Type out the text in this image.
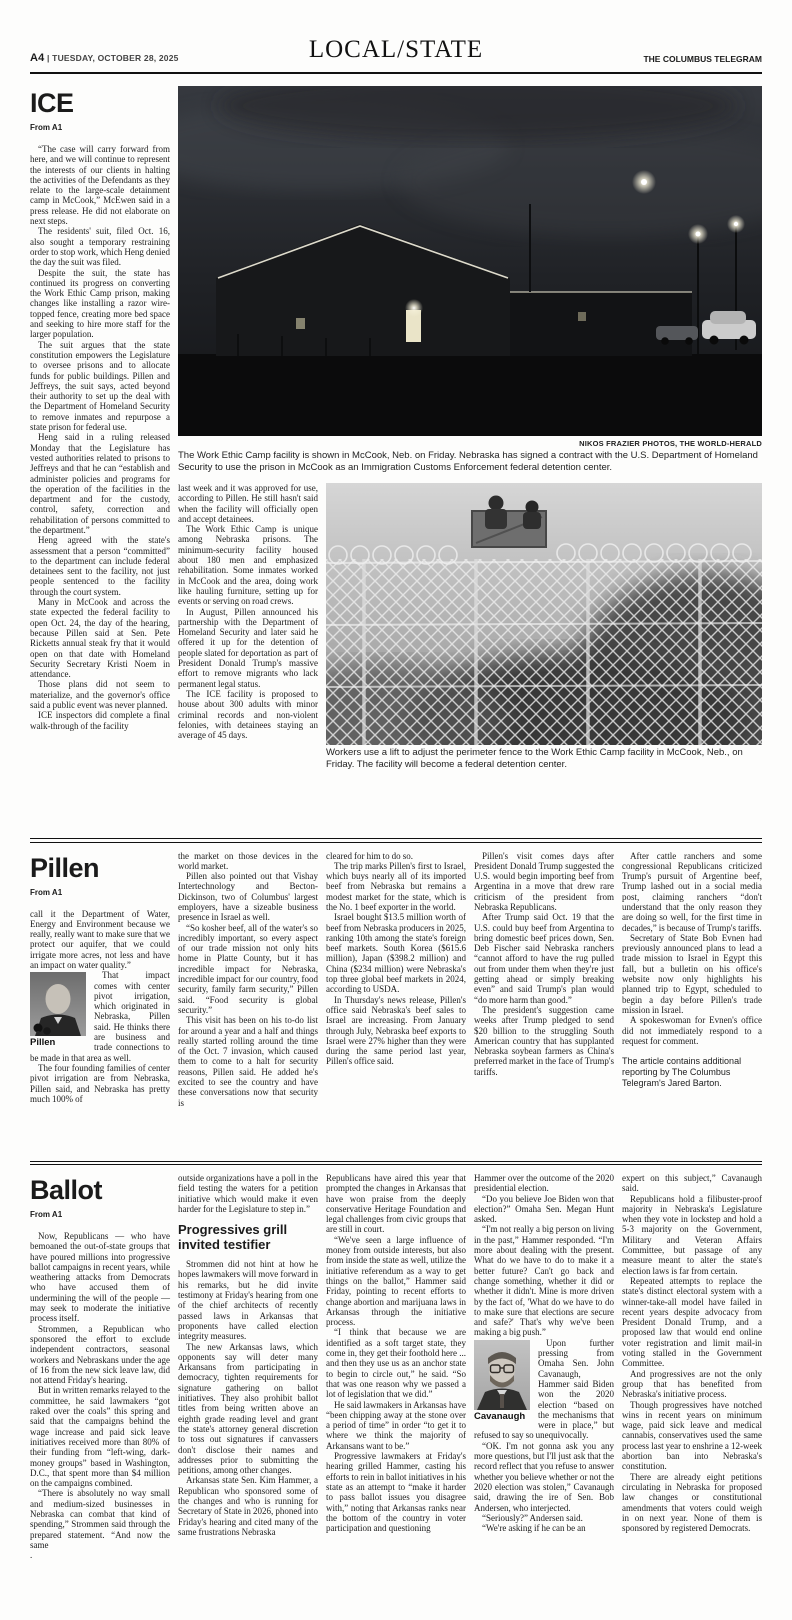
A4 | TUESDAY, OCTOBER 28, 2025	LOCAL/STATE	THE COLUMBUS TELEGRAM
ICE
From A1

“The case will carry forward from here, and we will continue to represent the interests of our clients in halting the activities of the Defendants as they relate to the large-scale detainment camp in McCook,” McEwen said in a press release. He did not elaborate on next steps.

The residents' suit, filed Oct. 16, also sought a temporary restraining order to stop work, which Heng denied the day the suit was filed.

Despite the suit, the state has continued its progress on converting the Work Ethic Camp prison, making changes like installing a razor wire-topped fence, creating more bed space and seeking to hire more staff for the larger population.

The suit argues that the state constitution empowers the Legislature to oversee prisons and to allocate funds for public buildings. Pillen and Jeffreys, the suit says, acted beyond their authority to set up the deal with the Department of Homeland Security to remove inmates and repurpose a state prison for federal use.

Heng said in a ruling released Monday that the Legislature has vested authorities related to prisons to Jeffreys and that he can “establish and administer policies and programs for the operation of the facilities in the department and for the custody, control, safety, correction and rehabilitation of persons committed to the department.”

Heng agreed with the state's assessment that a person “committed” to the department can include federal detainees sent to the facility, not just people sentenced to the facility through the court system.

Many in McCook and across the state expected the federal facility to open Oct. 24, the day of the hearing, because Pillen said at Sen. Pete Ricketts annual steak fry that it would open on that date with Homeland Security Secretary Kristi Noem in attendance.

Those plans did not seem to materialize, and the governor's office said a public event was never planned.

ICE inspectors did complete a final walk-through of the facility

NIKOS FRAZIER PHOTOS, THE WORLD-HERALD
The Work Ethic Camp facility is shown in McCook, Neb. on Friday. Nebraska has signed a contract with the U.S. Department of Homeland Security to use the prison in McCook as an Immigration Customs Enforcement federal detention center.

last week and it was approved for use, according to Pillen. He still hasn't said when the facility will officially open and accept detainees.

The Work Ethic Camp is unique among Nebraska prisons. The minimum-security facility housed about 180 men and emphasized rehabilitation. Some inmates worked in McCook and the area, doing work like hauling furniture, setting up for events or serving on road crews.

In August, Pillen announced his partnership with the Department of Homeland Security and later said he offered it up for the detention of people slated for deportation as part of President Donald Trump's massive effort to remove migrants who lack permanent legal status.

The ICE facility is proposed to house about 300 adults with minor criminal records and non-violent felonies, with detainees staying an average of 45 days.

Workers use a lift to adjust the perimeter fence to the Work Ethic Camp facility in McCook, Neb., on Friday. The facility will become a federal detention center.
Pillen
From A1

call it the Department of Water, Energy and Environment because we really, really want to make sure that we protect our aquifer, that we could irrigate more acres, not less and have an impact on water quality.”

Pillen

That impact comes with center pivot irrigation, which originated in Nebraska, Pillen said. He thinks there are business and trade connections to be made in that area as well.

The four founding families of center pivot irrigation are from Nebraska, Pillen said, and Nebraska has pretty much 100% of

the market on those devices in the world market.

Pillen also pointed out that Vishay Intertechnology and Becton-Dickinson, two of Columbus' largest employers, have a sizeable business presence in Israel as well.

“So kosher beef, all of the water's so incredibly important, so every aspect of our trade mission not only hits home in Platte County, but it has incredible impact for Nebraska, incredible impact for our country, food security, family farm security,” Pillen said. “Food security is global security.”

This visit has been on his to-do list for around a year and a half and things really started rolling around the time of the Oct. 7 invasion, which caused them to come to a halt for security reasons, Pillen said. He added he's excited to see the country and have these conversations now that security is

cleared for him to do so.

The trip marks Pillen's first to Israel, which buys nearly all of its imported beef from Nebraska but remains a modest market for the state, which is the No. 1 beef exporter in the world.

Israel bought $13.5 million worth of beef from Nebraska producers in 2025, ranking 10th among the state's foreign beef markets. South Korea ($615.6 million), Japan ($398.2 million) and China ($234 million) were Nebraska's top three global beef markets in 2024, according to USDA.

In Thursday's news release, Pillen's office said Nebraska's beef sales to Israel are increasing. From January through July, Nebraska beef exports to Israel were 27% higher than they were during the same period last year, Pillen's office said.

Pillen's visit comes days after President Donald Trump suggested the U.S. would begin importing beef from Argentina in a move that drew rare criticism of the president from Nebraska Republicans.

After Trump said Oct. 19 that the U.S. could buy beef from Argentina to bring domestic beef prices down, Sen. Deb Fischer said Nebraska ranchers “cannot afford to have the rug pulled out from under them when they're just getting ahead or simply breaking even” and said Trump's plan would “do more harm than good.”

The president's suggestion came weeks after Trump pledged to send $20 billion to the struggling South American country that has supplanted Nebraska soybean farmers as China's preferred market in the face of Trump's tariffs.

After cattle ranchers and some congressional Republicans criticized Trump's pursuit of Argentine beef, Trump lashed out in a social media post, claiming ranchers “don't understand that the only reason they are doing so well, for the first time in decades,” is because of Trump's tariffs.

Secretary of State Bob Evnen had previously announced plans to lead a trade mission to Israel in Egypt this fall, but a bulletin on his office's website now only highlights his planned trip to Egypt, scheduled to begin a day before Pillen's trade mission in Israel.

A spokeswoman for Evnen's office did not immediately respond to a request for comment.

The article contains additional reporting by The Columbus Telegram's Jared Barton.
Ballot
From A1

Now, Republicans — who have bemoaned the out-of-state groups that have poured millions into progressive ballot campaigns in recent years, while weathering attacks from Democrats who have accused them of undermining the will of the people — may seek to moderate the initiative process itself.

Strommen, a Republican who sponsored the effort to exclude independent contractors, seasonal workers and Nebraskans under the age of 16 from the new sick leave law, did not attend Friday's hearing.

But in written remarks relayed to the committee, he said lawmakers “got raked over the coals” this spring and said that the campaigns behind the wage increase and paid sick leave initiatives received more than 80% of their funding from “left-wing, dark-money groups” based in Washington, D.C., that spent more than $4 million on the campaigns combined.

“There is absolutely no way small and medium-sized businesses in Nebraska can combat that kind of spending,” Strommen said through the prepared statement. “And now the same

.

outside organizations have a poll in the field testing the waters for a petition initiative which would make it even harder for the Legislature to step in.”

Progressives grill invited testifier

Strommen did not hint at how he hopes lawmakers will move forward in his remarks, but he did invite testimony at Friday's hearing from one of the chief architects of recently passed laws in Arkansas that proponents have called election integrity measures.

The new Arkansas laws, which opponents say will deter many Arkansans from participating in democracy, tighten requirements for signature gathering on ballot initiatives. They also prohibit ballot titles from being written above an eighth grade reading level and grant the state's attorney general discretion to toss out signatures if canvassers don't disclose their names and addresses prior to submitting the petitions, among other changes.

Arkansas state Sen. Kim Hammer, a Republican who sponsored some of the changes and who is running for Secretary of State in 2026, phoned into Friday's hearing and cited many of the same frustrations Nebraska

Republicans have aired this year that prompted the changes in Arkansas that have won praise from the deeply conservative Heritage Foundation and legal challenges from civic groups that are still in court.

“We've seen a large influence of money from outside interests, but also from inside the state as well, utilize the initiative referendum as a way to get things on the ballot,” Hammer said Friday, pointing to recent efforts to change abortion and marijuana laws in Arkansas through the initiative process.

“I think that because we are identified as a soft target state, they come in, they get their foothold here ... and then they use us as an anchor state to begin to circle out,” he said. “So that was one reason why we passed a lot of legislation that we did.”

He said lawmakers in Arkansas have “been chipping away at the stone over a period of time” in order “to get it to where we think the majority of Arkansans want to be.”

Progressive lawmakers at Friday's hearing grilled Hammer, casting his efforts to rein in ballot initiatives in his state as an attempt to “make it harder to pass ballot issues you disagree with,” noting that Arkansas ranks near the bottom of the country in voter participation and questioning

Hammer over the outcome of the 2020 presidential election.

“Do you believe Joe Biden won that election?” Omaha Sen. Megan Hunt asked.

“I'm not really a big person on living in the past,” Hammer responded. “I'm more about dealing with the present. What do we have to do to make it a better future? Can't go back and change something, whether it did or whether it didn't. Mine is more driven by the fact of, 'What do we have to do to make sure that elections are secure and safe?' That's why we've been making a big push.”

Cavanaugh

Upon further pressing from Omaha Sen. John Cavanaugh, Hammer said Biden won the 2020 election “based on the mechanisms that were in place,” but refused to say so unequivocally.

“OK. I'm not gonna ask you any more questions, but I'll just ask that the record reflect that you refuse to answer whether you believe whether or not the 2020 election was stolen,” Cavanaugh said, drawing the ire of Sen. Bob Andersen, who interjected.

“Seriously?” Andersen said.

“We're asking if he can be an

expert on this subject,” Cavanaugh said.

Republicans hold a filibuster-proof majority in Nebraska's Legislature when they vote in lockstep and hold a 5-3 majority on the Government, Military and Veteran Affairs Committee, but passage of any measure meant to alter the state's election laws is far from certain.

Repeated attempts to replace the state's distinct electoral system with a winner-take-all model have failed in recent years despite advocacy from President Donald Trump, and a proposed law that would end online voter registration and limit mail-in voting stalled in the Government Committee.

And progressives are not the only group that has benefited from Nebraska's initiative process.

Though progressives have notched wins in recent years on minimum wage, paid sick leave and medical cannabis, conservatives used the same process last year to enshrine a 12-week abortion ban into Nebraska's constitution.

There are already eight petitions circulating in Nebraska for proposed law changes or constitutional amendments that voters could weigh in on next year. None of them is sponsored by registered Democrats.
